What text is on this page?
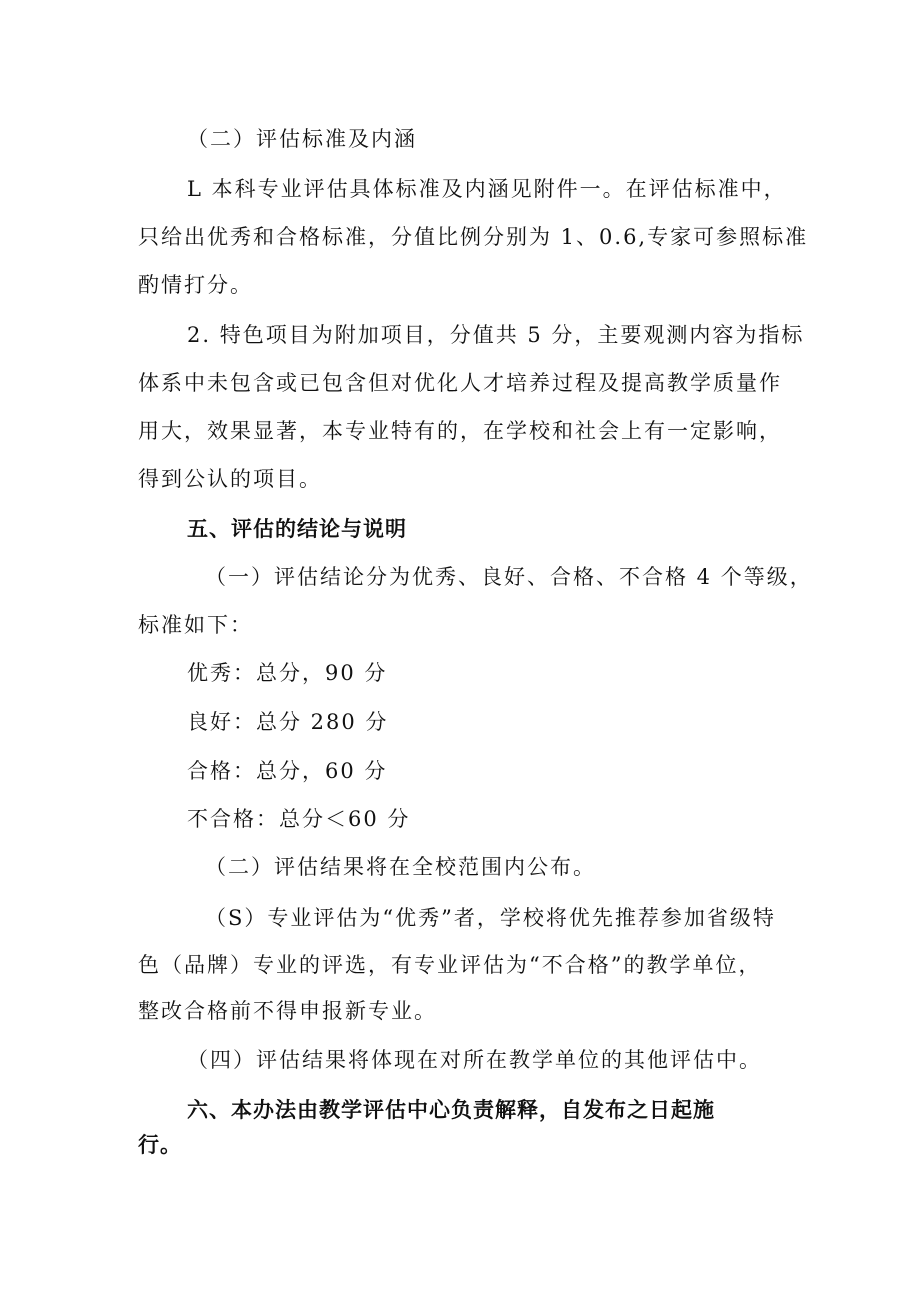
（二）评估标准及内涵
L 本科专业评估具体标准及内涵见附件一。在评估标准中，
只给出优秀和合格标准，分值比例分别为 1、0.6,专家可参照标准
酌情打分。
2. 特色项目为附加项目，分值共 5 分，主要观测内容为指标
体系中未包含或已包含但对优化人才培养过程及提高教学质量作
用大，效果显著，本专业特有的，在学校和社会上有一定影响，
得到公认的项目。
五、评估的结论与说明
（一）评估结论分为优秀、良好、合格、不合格 4 个等级，
标准如下：
优秀：总分，90 分
良好：总分 280 分
合格：总分，60 分
不合格：总分＜60 分
（二）评估结果将在全校范围内公布。
（S）专业评估为“优秀”者，学校将优先推荐参加省级特
色（品牌）专业的评选，有专业评估为“不合格”的教学单位，
整改合格前不得申报新专业。
（四）评估结果将体现在对所在教学单位的其他评估中。
六、本办法由教学评估中心负责解释，自发布之日起施
行。
